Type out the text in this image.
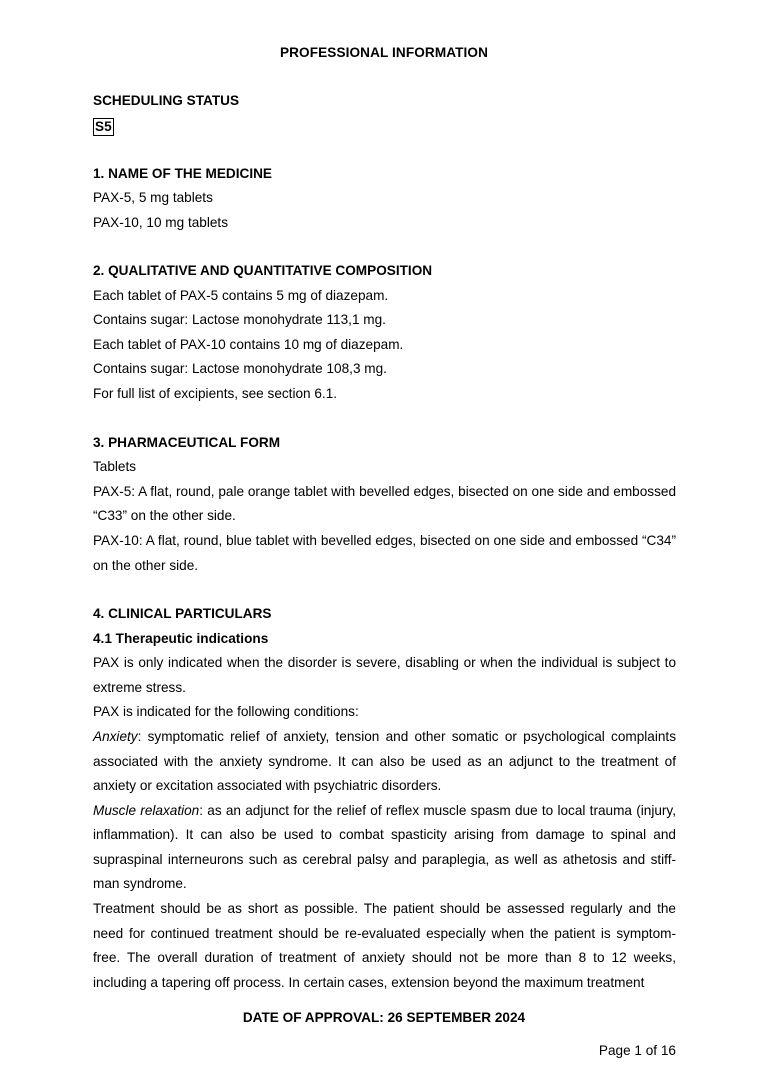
PROFESSIONAL INFORMATION

SCHEDULING STATUS

S5

1. NAME OF THE MEDICINE

PAX-5, 5 mg tablets

PAX-10, 10 mg tablets

2. QUALITATIVE AND QUANTITATIVE COMPOSITION

Each tablet of PAX-5 contains 5 mg of diazepam.

Contains sugar: Lactose monohydrate 113,1 mg.

Each tablet of PAX-10 contains 10 mg of diazepam.

Contains sugar: Lactose monohydrate 108,3 mg.

For full list of excipients, see section 6.1.

3. PHARMACEUTICAL FORM

Tablets

PAX-5: A flat, round, pale orange tablet with bevelled edges, bisected on one side and embossed “C33” on the other side.

PAX-10: A flat, round, blue tablet with bevelled edges, bisected on one side and embossed “C34” on the other side.

4. CLINICAL PARTICULARS

4.1 Therapeutic indications

PAX is only indicated when the disorder is severe, disabling or when the individual is subject to extreme stress.

PAX is indicated for the following conditions:

Anxiety: symptomatic relief of anxiety, tension and other somatic or psychological complaints associated with the anxiety syndrome. It can also be used as an adjunct to the treatment of anxiety or excitation associated with psychiatric disorders.

Muscle relaxation: as an adjunct for the relief of reflex muscle spasm due to local trauma (injury, inflammation). It can also be used to combat spasticity arising from damage to spinal and supraspinal interneurons such as cerebral palsy and paraplegia, as well as athetosis and stiff-man syndrome.

Treatment should be as short as possible. The patient should be assessed regularly and the need for continued treatment should be re-evaluated especially when the patient is symptom-free. The overall duration of treatment of anxiety should not be more than 8 to 12 weeks, including a tapering off process. In certain cases, extension beyond the maximum treatment

DATE OF APPROVAL: 26 SEPTEMBER 2024
Page 1 of 16
